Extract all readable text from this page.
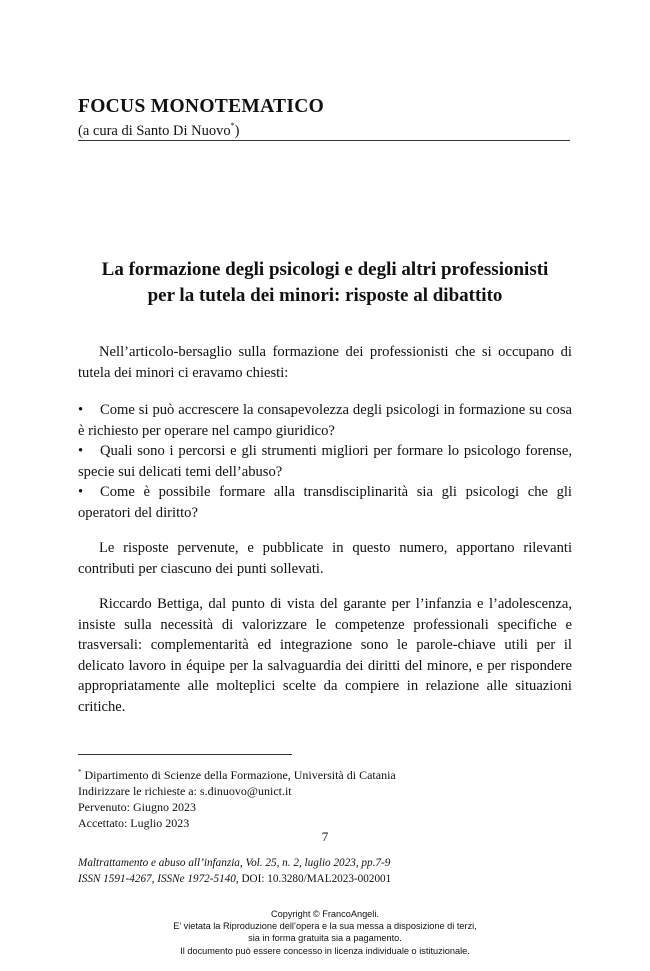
FOCUS MONOTEMATICO
(a cura di Santo Di Nuovo*)
La formazione degli psicologi e degli altri professionisti
per la tutela dei minori: risposte al dibattito

Nell’articolo-bersaglio sulla formazione dei professionisti che si occupano di tutela dei minori ci eravamo chiesti:

• Come si può accrescere la consapevolezza degli psicologi in formazione su cosa è richiesto per operare nel campo giuridico?

• Quali sono i percorsi e gli strumenti migliori per formare lo psicologo forense, specie sui delicati temi dell’abuso?

• Come è possibile formare alla transdisciplinarità sia gli psicologi che gli operatori del diritto?

Le risposte pervenute, e pubblicate in questo numero, apportano rilevanti contributi per ciascuno dei punti sollevati.

Riccardo Bettiga, dal punto di vista del garante per l’infanzia e l’adolescenza, insiste sulla necessità di valorizzare le competenze professionali specifiche e trasversali: complementarità ed integrazione sono le parole-chiave utili per il delicato lavoro in équipe per la salvaguardia dei diritti del minore, e per rispondere appropriatamente alle molteplici scelte da compiere in relazione alle situazioni critiche.

* Dipartimento di Scienze della Formazione, Università di Catania
Indirizzare le richieste a: s.dinuovo@unict.it
Pervenuto: Giugno 2023
Accettato: Luglio 2023
7
Maltrattamento e abuso all’infanzia, Vol. 25, n. 2, luglio 2023, pp.7-9
ISSN 1591-4267, ISSNe 1972-5140, DOI: 10.3280/MAL2023-002001
Copyright © FrancoAngeli.
E’ vietata la Riproduzione dell’opera e la sua messa a disposizione di terzi,
sia in forma gratuita sia a pagamento.
Il documento può essere concesso in licenza individuale o istituzionale.
